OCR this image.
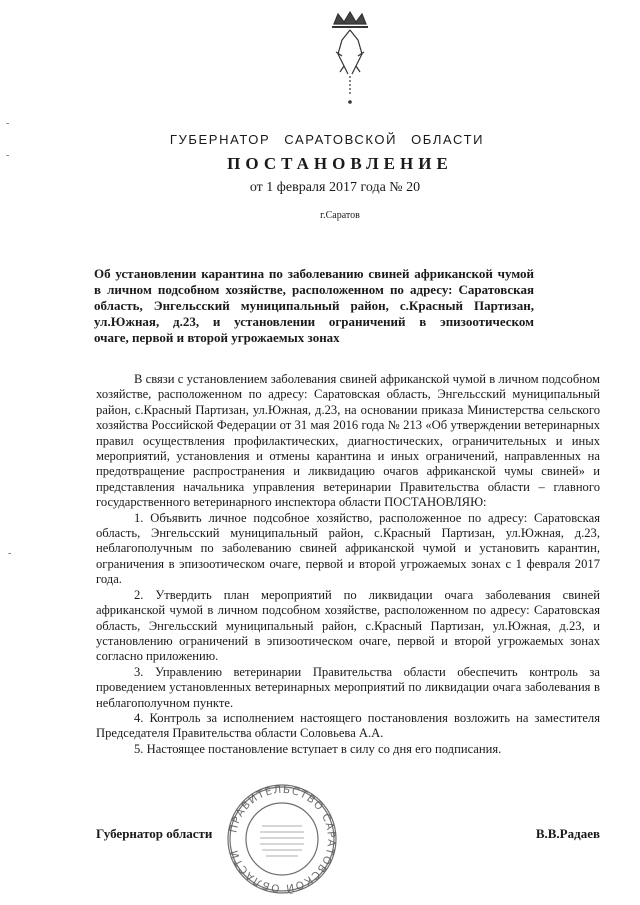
ГУБЕРНАТОР САРАТОВСКОЙ ОБЛАСТИ
ПОСТАНОВЛЕНИЕ
от 1 февраля 2017 года № 20
г.Саратов
Об установлении карантина по заболеванию свиней африканской чумой
в личном подсобном хозяйстве, расположенном по адресу: Саратовская
область, Энгельсский муниципальный район, с.Красный Партизан,
ул.Южная, д.23, и установлении ограничений в эпизоотическом
очаге, первой и второй угрожаемых зонах

В связи с установлением заболевания свиней африканской чумой в личном подсобном хозяйстве, расположенном по адресу: Саратовская область, Энгельсский муниципальный район, с.Красный Партизан, ул.Южная, д.23, на основании приказа Министерства сельского хозяйства Российской Федерации от 31 мая 2016 года № 213 «Об утверждении ветеринарных правил осуществления профилактических, диагностических, ограничительных и иных мероприятий, установления и отмены карантина и иных ограничений, направленных на предотвращение распространения и ликвидацию очагов африканской чумы свиней» и представления начальника управления ветеринарии Правительства области – главного государственного ветеринарного инспектора области ПОСТАНОВЛЯЮ:

1. Объявить личное подсобное хозяйство, расположенное по адресу: Саратовская область, Энгельсский муниципальный район, с.Красный Партизан, ул.Южная, д.23, неблагополучным по заболеванию свиней африканской чумой и установить карантин, ограничения в эпизоотическом очаге, первой и второй угрожаемых зонах с 1 февраля 2017 года.

2. Утвердить план мероприятий по ликвидации очага заболевания свиней африканской чумой в личном подсобном хозяйстве, расположенном по адресу: Саратовская область, Энгельсский муниципальный район, с.Красный Партизан, ул.Южная, д.23, и установлению ограничений в эпизоотическом очаге, первой и второй угрожаемых зонах согласно приложению.

3. Управлению ветеринарии Правительства области обеспечить контроль за проведением установленных ветеринарных мероприятий по ликвидации очага заболевания в неблагополучном пункте.

4. Контроль за исполнением настоящего постановления возложить на заместителя Председателя Правительства области Соловьева А.А.

5. Настоящее постановление вступает в силу со дня его подписания.

ПРАВИТЕЛЬСТВО САРАТОВСКОЙ ОБЛАСТИ
Губернатор области	В.В.Радаев
-
-
-
